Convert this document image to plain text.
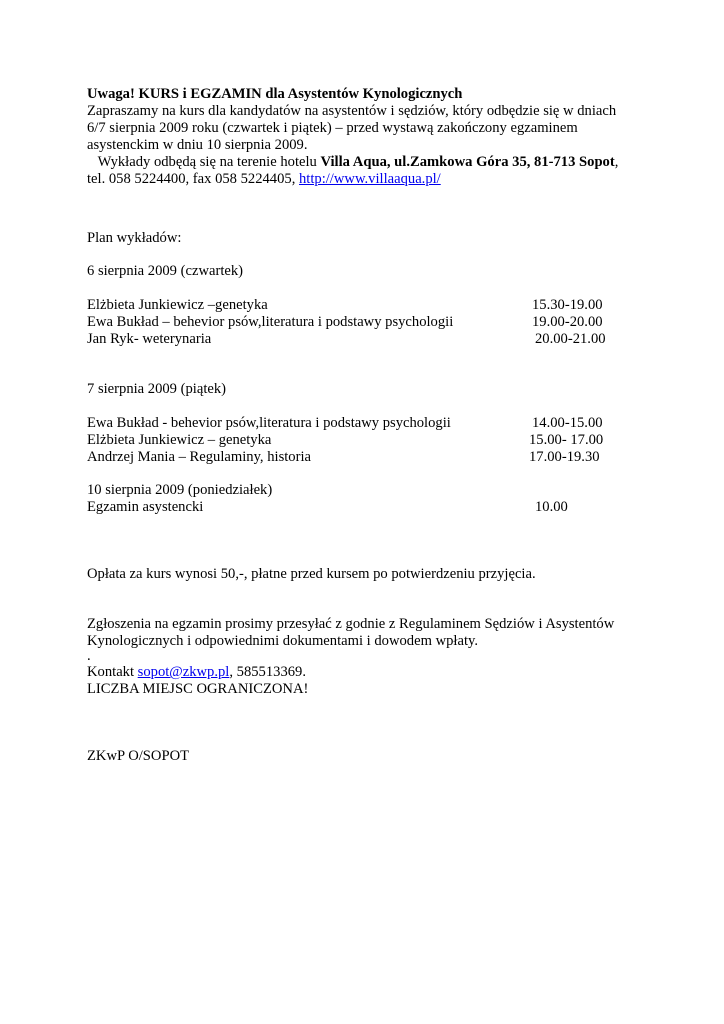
Uwaga! KURS i EGZAMIN dla Asystentów Kynologicznych
Zapraszamy na kurs dla kandydatów na asystentów i sędziów, który odbędzie się w dniach
6/7 sierpnia 2009 roku (czwartek i piątek) – przed wystawą zakończony egzaminem
asystenckim w dniu 10 sierpnia 2009.
Wykłady odbędą się na terenie hotelu Villa Aqua, ul.Zamkowa Góra 35, 81-713 Sopot,
tel. 058 5224400, fax 058 5224405, http://www.villaaqua.pl/
Plan wykładów:
6 sierpnia 2009 (czwartek)
Elżbieta Junkiewicz –genetyka	15.30-19.00
Ewa Bukład – behevior psów,literatura i podstawy psychologii	19.00-20.00
Jan Ryk- weterynaria	20.00-21.00
7 sierpnia 2009 (piątek)
Ewa Bukład - behevior psów,literatura i podstawy psychologii	14.00-15.00
Elżbieta Junkiewicz – genetyka	15.00- 17.00
Andrzej Mania – Regulaminy, historia	17.00-19.30
10 sierpnia 2009 (poniedziałek)
Egzamin asystencki	10.00
Opłata za kurs wynosi 50,-, płatne przed kursem po potwierdzeniu przyjęcia.
Zgłoszenia na egzamin prosimy przesyłać z godnie z Regulaminem Sędziów i Asystentów
Kynologicznych i odpowiednimi dokumentami i dowodem wpłaty.
.
Kontakt sopot@zkwp.pl, 585513369.
LICZBA MIEJSC OGRANICZONA!
ZKwP O/SOPOT
